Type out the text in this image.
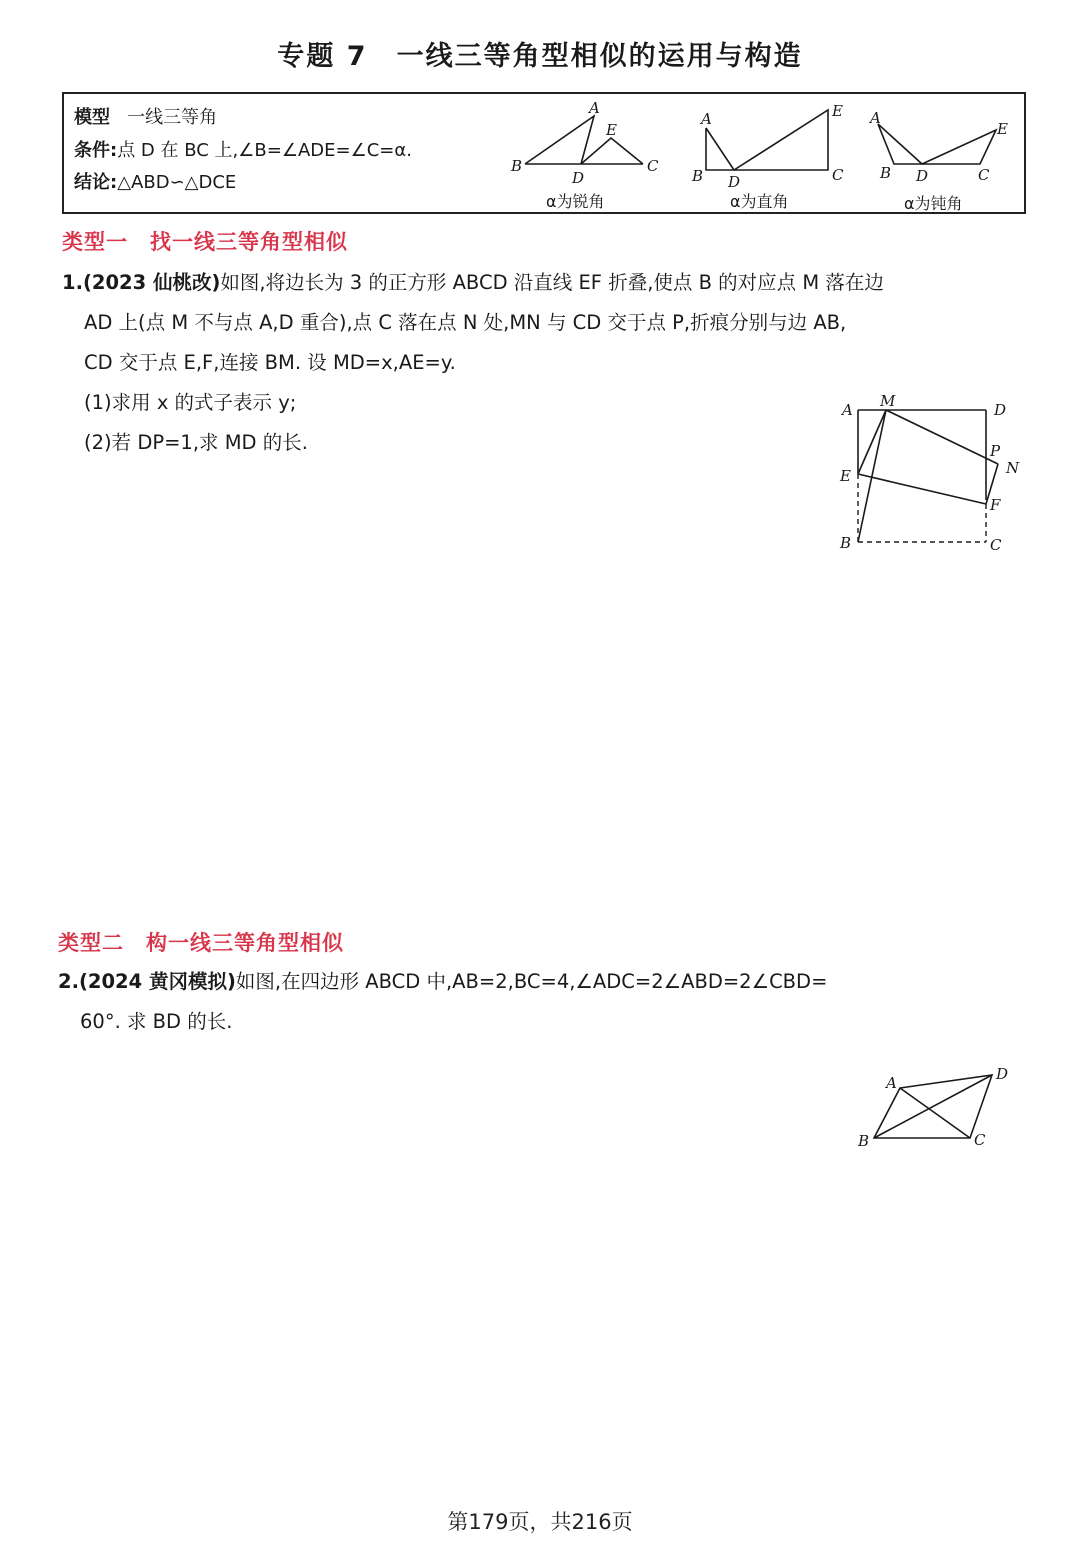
专题 7　一线三等角型相似的运用与构造
模型 一线三等角
条件:点 D 在 BC 上,∠B=∠ADE=∠C=α.
结论:△ABD∽△DCE
A
E
B
D
C
α为锐角
A	E
B D	C
α为直角
A
E
B D	C
α为钝角
类型一　找一线三等角型相似
1.(2023 仙桃改)如图,将边长为 3 的正方形 ABCD 沿直线 EF 折叠,使点 B 的对应点 M 落在边
AD 上(点 M 不与点 A,D 重合),点 C 落在点 N 处,MN 与 CD 交于点 P,折痕分别与边 AB,
CD 交于点 E,F,连接 BM. 设 MD=x,AE=y.
(1)求用 x 的式子表示 y;
(2)若 DP=1,求 MD 的长.
A M	D
P
N
E
F
B	C
类型二　构一线三等角型相似
2.(2024 黄冈模拟)如图,在四边形 ABCD 中,AB=2,BC=4,∠ADC=2∠ABD=2∠CBD=
60°. 求 BD 的长.
A	D
B	C
第179页，共216页
